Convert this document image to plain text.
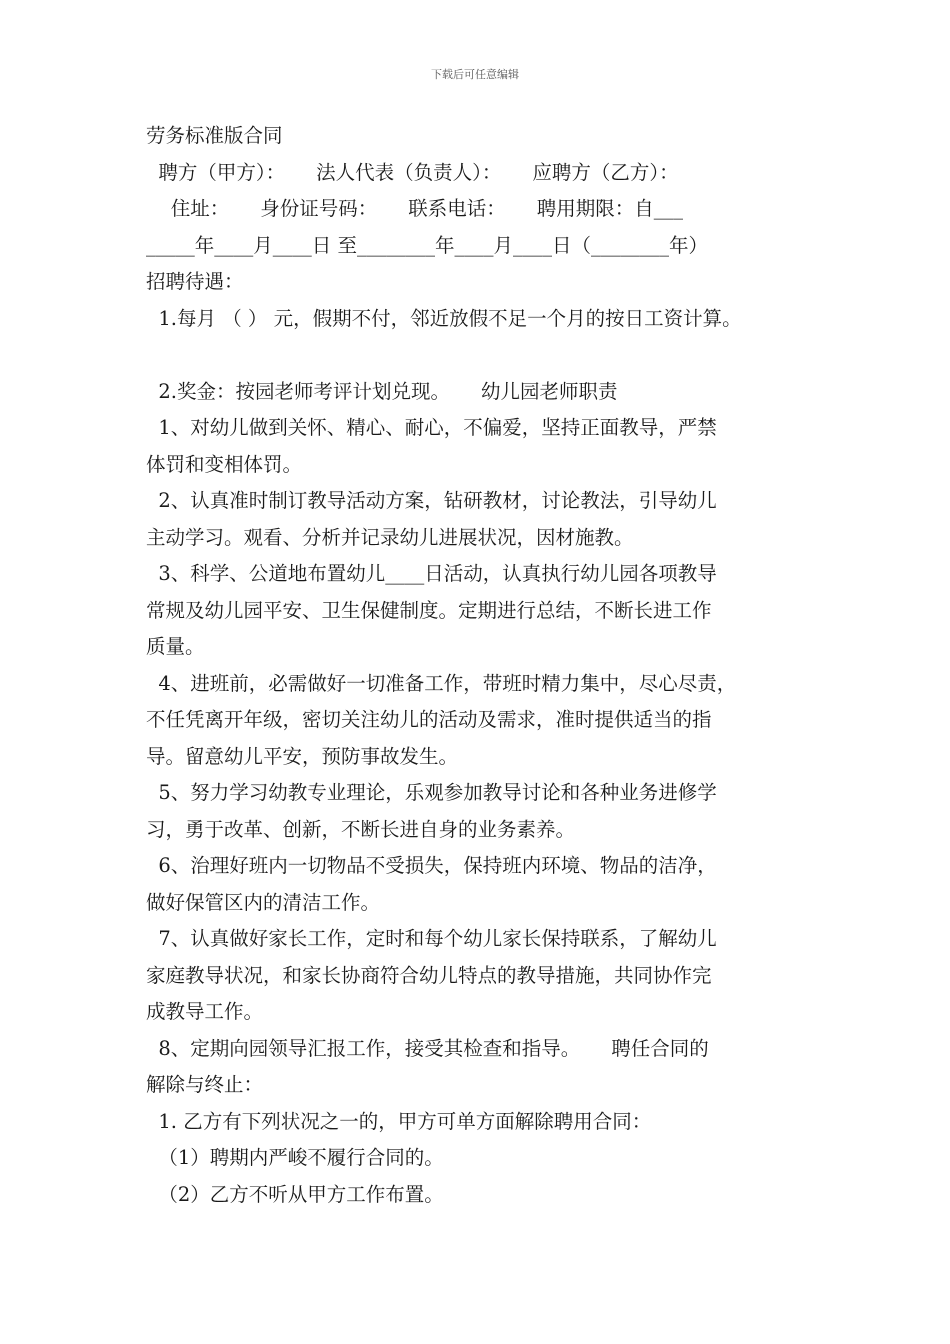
下载后可任意编辑
劳务标准版合同
聘方（甲方）：     法人代表（负责人）：     应聘方（乙方）：
住址：     身份证号码：     联系电话：     聘用期限：自___
_____年____月____日 至________年____月____日（________年）
招聘待遇：
1.每月 （ ） 元，假期不付，邻近放假不足一个月的按日工资计算。
2.奖金：按园老师考评计划兑现。     幼儿园老师职责
1、对幼儿做到关怀、精心、耐心，不偏爱，坚持正面教导，严禁
体罚和变相体罚。
2、认真准时制订教导活动方案，钻研教材，讨论教法，引导幼儿
主动学习。观看、分析并记录幼儿进展状况，因材施教。
3、科学、公道地布置幼儿____日活动，认真执行幼儿园各项教导
常规及幼儿园平安、卫生保健制度。定期进行总结，不断长进工作
质量。
4、进班前，必需做好一切准备工作，带班时精力集中，尽心尽责，
不任凭离开年级，密切关注幼儿的活动及需求，准时提供适当的指
导。留意幼儿平安，预防事故发生。
5、努力学习幼教专业理论，乐观参加教导讨论和各种业务进修学
习，勇于改革、创新，不断长进自身的业务素养。
6、治理好班内一切物品不受损失，保持班内环境、物品的洁净，
做好保管区内的清洁工作。
7、认真做好家长工作，定时和每个幼儿家长保持联系，了解幼儿
家庭教导状况，和家长协商符合幼儿特点的教导措施，共同协作完
成教导工作。
8、定期向园领导汇报工作，接受其检查和指导。     聘任合同的
解除与终止：
1. 乙方有下列状况之一的，甲方可单方面解除聘用合同：
（1）聘期内严峻不履行合同的。
（2）乙方不听从甲方工作布置。
